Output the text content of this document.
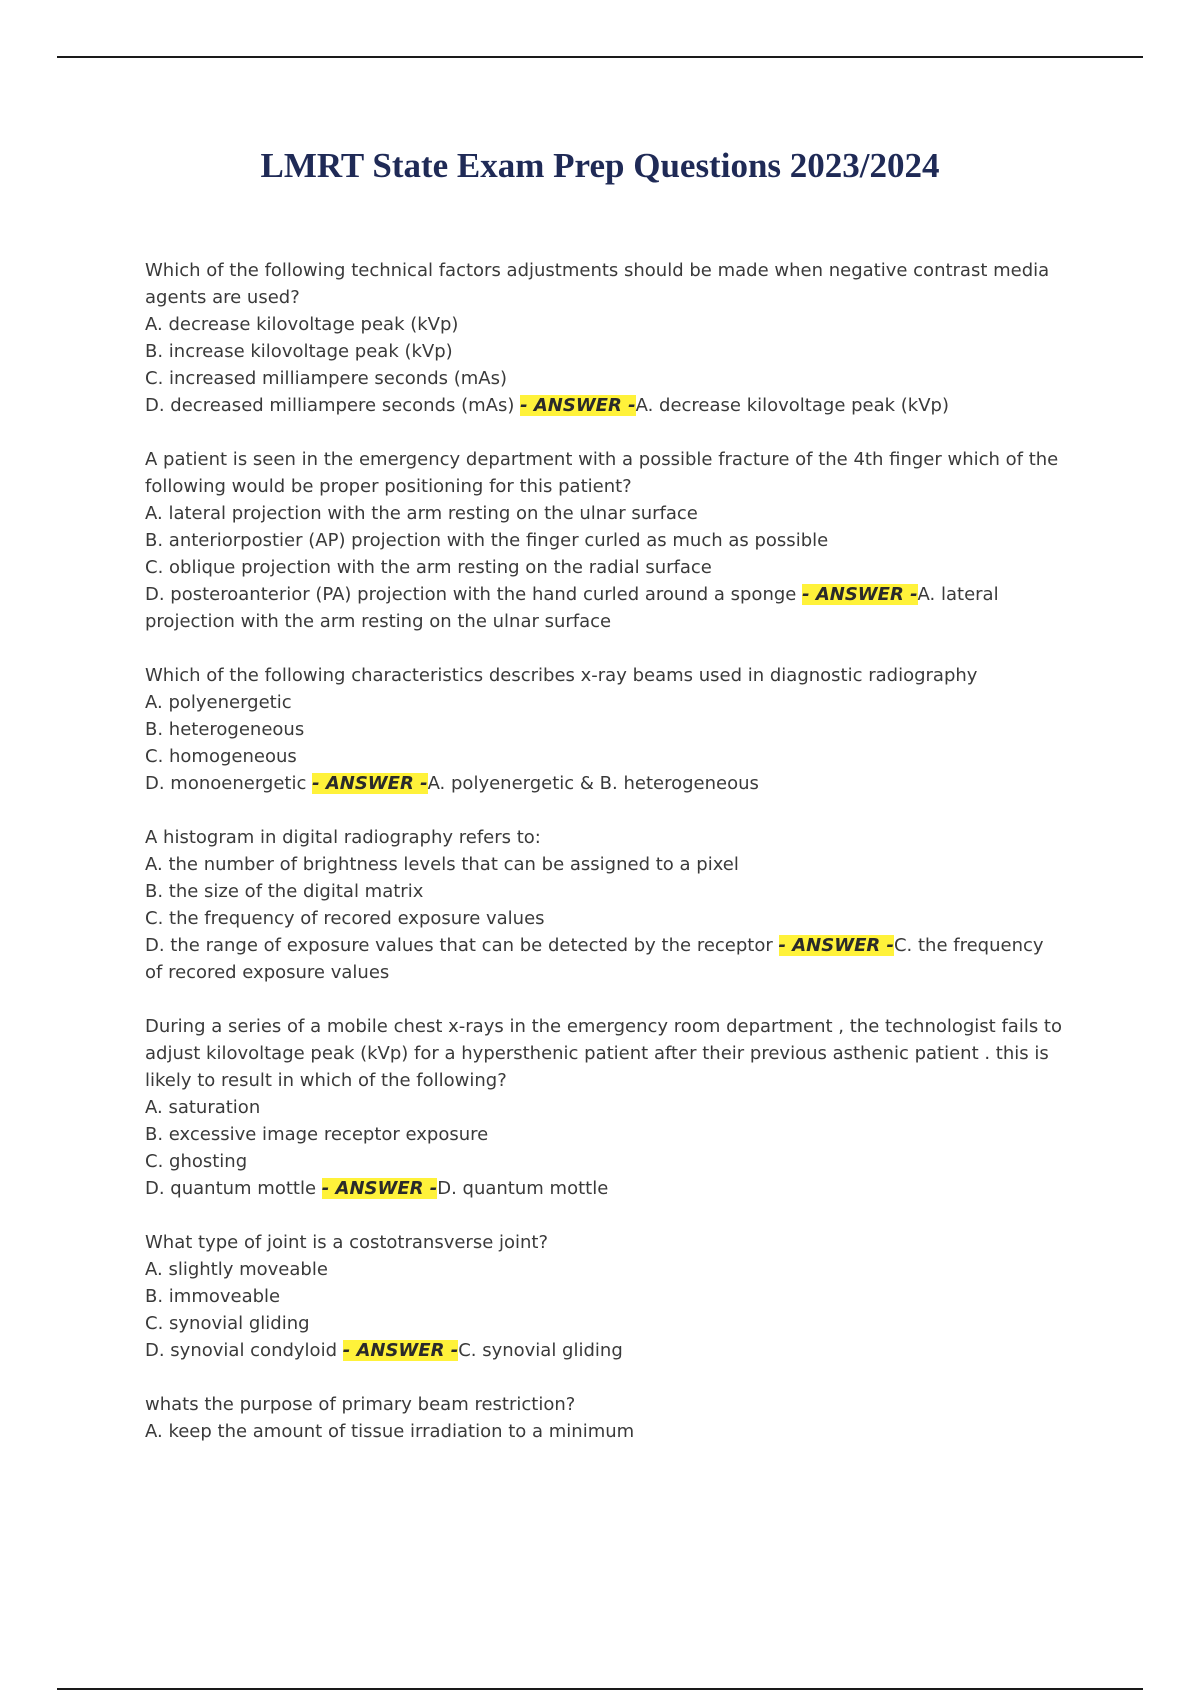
LMRT State Exam Prep Questions 2023/2024
Which of the following technical factors adjustments should be made when negative contrast media agents are used?
A. decrease kilovoltage peak (kVp)
B. increase kilovoltage peak (kVp)
C. increased milliampere seconds (mAs)
D. decreased milliampere seconds (mAs) - ANSWER -A. decrease kilovoltage peak (kVp)
A patient is seen in the emergency department with a possible fracture of the 4th finger which of the following would be proper positioning for this patient?
A. lateral projection with the arm resting on the ulnar surface
B. anteriorpostier (AP) projection with the finger curled as much as possible
C. oblique projection with the arm resting on the radial surface
D. posteroanterior (PA) projection with the hand curled around a sponge - ANSWER -A. lateral projection with the arm resting on the ulnar surface
Which of the following characteristics describes x-ray beams used in diagnostic radiography
A. polyenergetic
B. heterogeneous
C. homogeneous
D. monoenergetic - ANSWER -A. polyenergetic & B. heterogeneous
A histogram in digital radiography refers to:
A. the number of brightness levels that can be assigned to a pixel
B. the size of the digital matrix
C. the frequency of recored exposure values
D. the range of exposure values that can be detected by the receptor - ANSWER -C. the frequency of recored exposure values
During a series of a mobile chest x-rays in the emergency room department , the technologist fails to adjust kilovoltage peak (kVp) for a hypersthenic patient after their previous asthenic patient . this is likely to result in which of the following?
A. saturation
B. excessive image receptor exposure
C. ghosting
D. quantum mottle - ANSWER -D. quantum mottle
What type of joint is a costotransverse joint?
A. slightly moveable
B. immoveable
C. synovial gliding
D. synovial condyloid - ANSWER -C. synovial gliding
whats the purpose of primary beam restriction?
A. keep the amount of tissue irradiation to a minimum
